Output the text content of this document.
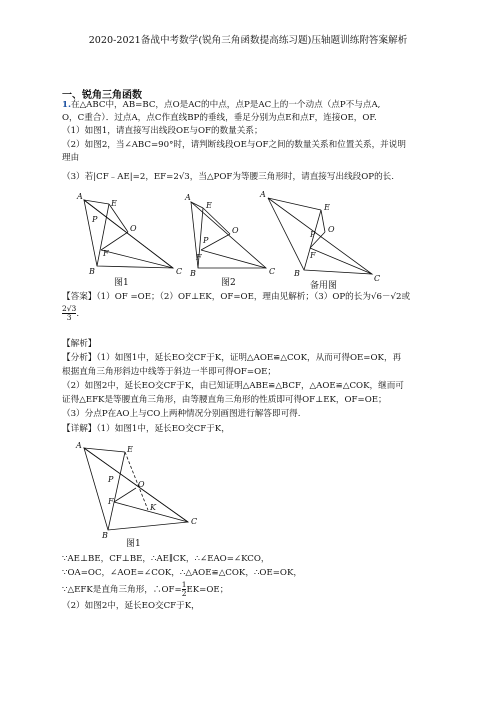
2020-2021备战中考数学(锐角三角函数提高练习题)压轴题训练附答案解析
一、锐角三角函数
1.在△ABC中，AB=BC，点O是AC的中点，点P是AC上的一个动点（点P不与点A,
O，C重合）．过点A，点C作直线BP的垂线，垂足分别为点E和点F，连接OE，OF.
（1）如图1，请直接写出线段OE与OF的数量关系；
（2）如图2，当∠ABC=90°时，请判断线段OE与OF之间的数量关系和位置关系，并说明
理由
（3）若|CF﹣AE|=2，EF=2√3，当△POF为等腰三角形时，请直接写出线段OP的长.
A
E
P
O
F
B	C
图1
A
E
O
P
F
B	C
图2
A
E
O
P
F
B
C
备用图
【答案】（1）OF =OE；（2）OF⊥EK，OF=OE，理由见解析；（3）OP的长为√6－√2或
$\frac{2√3}{3}$ .
【解析】
【分析】（1）如图1中，延长EO交CF于K，证明△AOE≌△COK，从而可得OE=OK，再
根据直角三角形斜边中线等于斜边一半即可得OF=OE；
（2）如图2中，延长EO交CF于K，由已知证明△ABE≌△BCF，△AOE≌△COK，继而可
证得△EFK是等腰直角三角形，由等腰直角三角形的性质即可得OF⊥EK，OF=OE；
（3）分点P在AO上与CO上两种情况分别画图进行解答即可得.
【详解】（1）如图1中，延长EO交CF于K，
A	E
P
O
F
K
B
C
图1
∵AE⊥BE，CF⊥BE，∴AE∥CK，∴∠EAO=∠KCO，
∵OA=OC，∠AOE=∠COK，∴△AOE≌△COK，∴OE=OK，
∵△EFK是直角三角形，∴OF= $\frac{1}{2} EK=OE$；
（2）如图2中，延长EO交CF于K，
